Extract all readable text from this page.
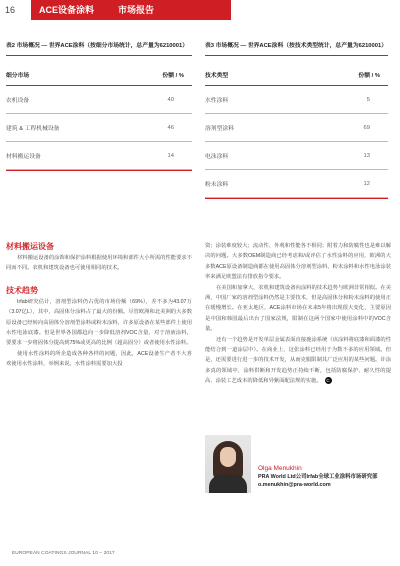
16	ACE设备涂料	市场报告
表2 市场概况 — 世界ACE涂料（按细分市场统计，总产量为6210001）
细分市场	份额 / %
农机设备	40
建筑 & 工程机械设备	46
材料搬运设备	14
表3 市场概况 — 世界ACE涂料（按技术类型统计，总产量为6210001）
技术类型	份额 / %
水性涂料	5
溶剂型涂料	69
电泳涂料	13
粉末涂料	12
材料搬运设备

材料搬运设备的涂饰和保护涂料根据使用环境和部件大小所需的性能要求不同而不同。农机和建筑设备也可使用相同的技术。

技术趋势

Irfab研究估计，溶剂型涂料仍占优的市场份额（69%），差不多为43.07万（3.07亿L），其中，高固体分涂料占了最大的份额。尽管欧洲和北美洲的大多数原设备已经转向高固体分溶剂型涂料或粉末涂料，许多原设备在某些部件上使用水性电泳底漆。但是世界各国都趋向一步降低溶剂VOC含量，对于溶液涂料，要要求一步将固体分提高到75%或更高的比例（超高固分）或者使用水性涂料。

使用水性涂料的所企造成各种各样的问题，因此，ACE设备生产者不大喜欢使用水性涂料，举例来说，水性涂料需要加大投

资；涂装难度较大；流动性、外观和性能各不相同；附着力和防腐性也是难以解决的问题。大多数OEM制造商已经考虑和/或评估了水性涂料的应用，欧洲的大多数ACE原设备制造商都在使用高固体分溶剂型涂料，粉末涂料和水性电泳涂装率来满足欧盟法有排放指令要求。

在美国和加拿大，农机和建筑设备向涂料的技术趋势与欧洲非常相似。在美洲，中国厂家的溶剂型涂料仍然是主要技术，但是高固体分和粉末涂料的使用正在缓慢增长。在亚太地区，ACE涂料市场在未来5年将出现很大变化，主要原因是中国和韩国最后出台了国家法规，限制在这两个国家中使用涂料中的VOC含量。

还有一个趋势是开发单层金属表面直接施涂系统（该涂料将底漆和面漆的性能结合到一道涂层中）。在商业上，这张涂料已经用于为数不多的应用领域。但是，还需要进行进一步的技术开发，从而克服限制其广泛应用的某些问题。许涂多真的领域中，涂料供断和开发趋势正持续不断，包括防腐保护、耐久性的提高、涂装工艺成本的降低和异紫面配法规的实施。 C

Olga Menukhin
PRA World Ltd公司Irfab全球工业涂料市场研究部
o.menukhin@pra-world.com
EUROPEAN COATINGS JOURNAL 10 – 2017
